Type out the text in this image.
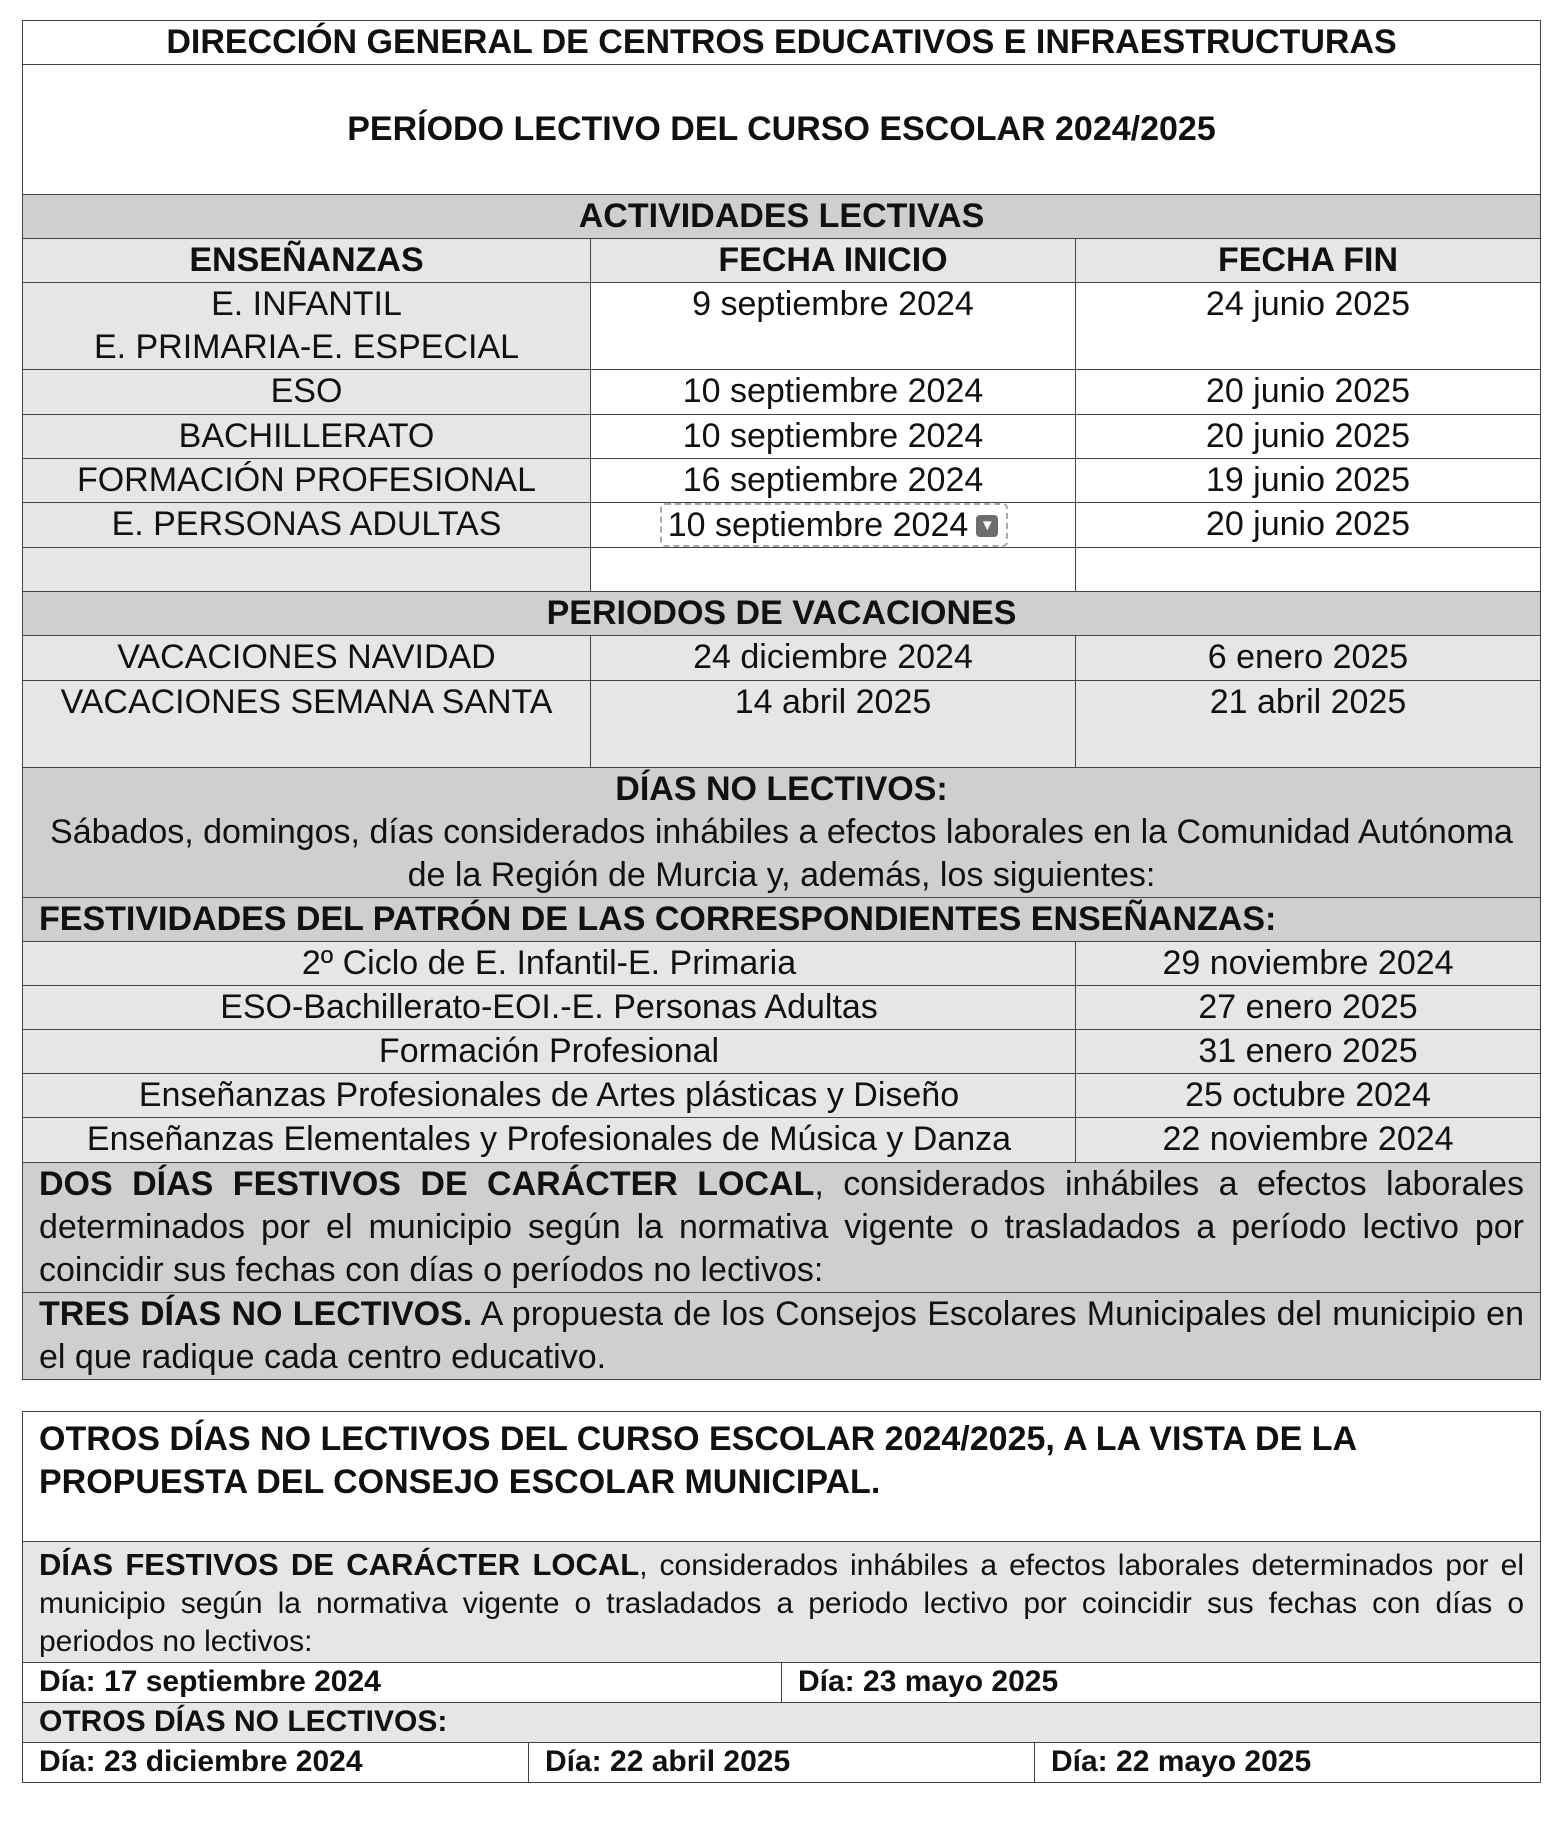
DIRECCIÓN GENERAL DE CENTROS EDUCATIVOS E INFRAESTRUCTURAS		
PERÍODO LECTIVO DEL CURSO ESCOLAR 2024/2025		
ACTIVIDADES LECTIVAS		
ENSEÑANZAS	FECHA INICIO	FECHA FIN

E. INFANTIL
E. PRIMARIA-E. ESPECIAL	9 septiembre 2024	24 junio 2025
ESO	10 septiembre 2024	20 junio 2025
BACHILLERATO	10 septiembre 2024	20 junio 2025
FORMACIÓN PROFESIONAL	16 septiembre 2024	19 junio 2025
E. PERSONAS ADULTAS	10 septiembre 2024 ▼	20 junio 2025

PERIODOS DE VACACIONES		
VACACIONES NAVIDAD	24 diciembre 2024	6 enero 2025
VACACIONES SEMANA SANTA	14 abril 2025	21 abril 2025

DÍAS NO LECTIVOS:
Sábados, domingos, días considerados inhábiles a efectos laborales en la Comunidad Autónoma de la Región de Murcia y, además, los siguientes:		

FESTIVIDADES DEL PATRÓN DE LAS CORRESPONDIENTES ENSEÑANZAS:		
2º Ciclo de E. Infantil-E. Primaria		29 noviembre 2024
ESO-Bachillerato-EOI.-E. Personas Adultas		27 enero 2025
Formación Profesional		31 enero 2025
Enseñanzas Profesionales de Artes plásticas y Diseño		25 octubre 2024
Enseñanzas Elementales y Profesionales de Música y Danza		22 noviembre 2024
DOS DÍAS FESTIVOS DE CARÁCTER LOCAL, considerados inhábiles a efectos laborales determinados por el municipio según la normativa vigente o trasladados a período lectivo por coincidir sus fechas con días o períodos no lectivos:		
TRES DÍAS NO LECTIVOS. A propuesta de los Consejos Escolares Municipales del municipio en el que radique cada centro educativo.		
OTROS DÍAS NO LECTIVOS DEL CURSO ESCOLAR 2024/2025, A LA VISTA DE LA PROPUESTA DEL CONSEJO ESCOLAR MUNICIPAL.			
DÍAS FESTIVOS DE CARÁCTER LOCAL, considerados inhábiles a efectos laborales determinados por el municipio según la normativa vigente o trasladados a periodo lectivo por coincidir sus fechas con días o periodos no lectivos:			
Día: 17 septiembre 2024		Día: 23 mayo 2025	
OTROS DÍAS NO LECTIVOS:			
Día: 23 diciembre 2024	Día: 22 abril 2025		Día: 22 mayo 2025
